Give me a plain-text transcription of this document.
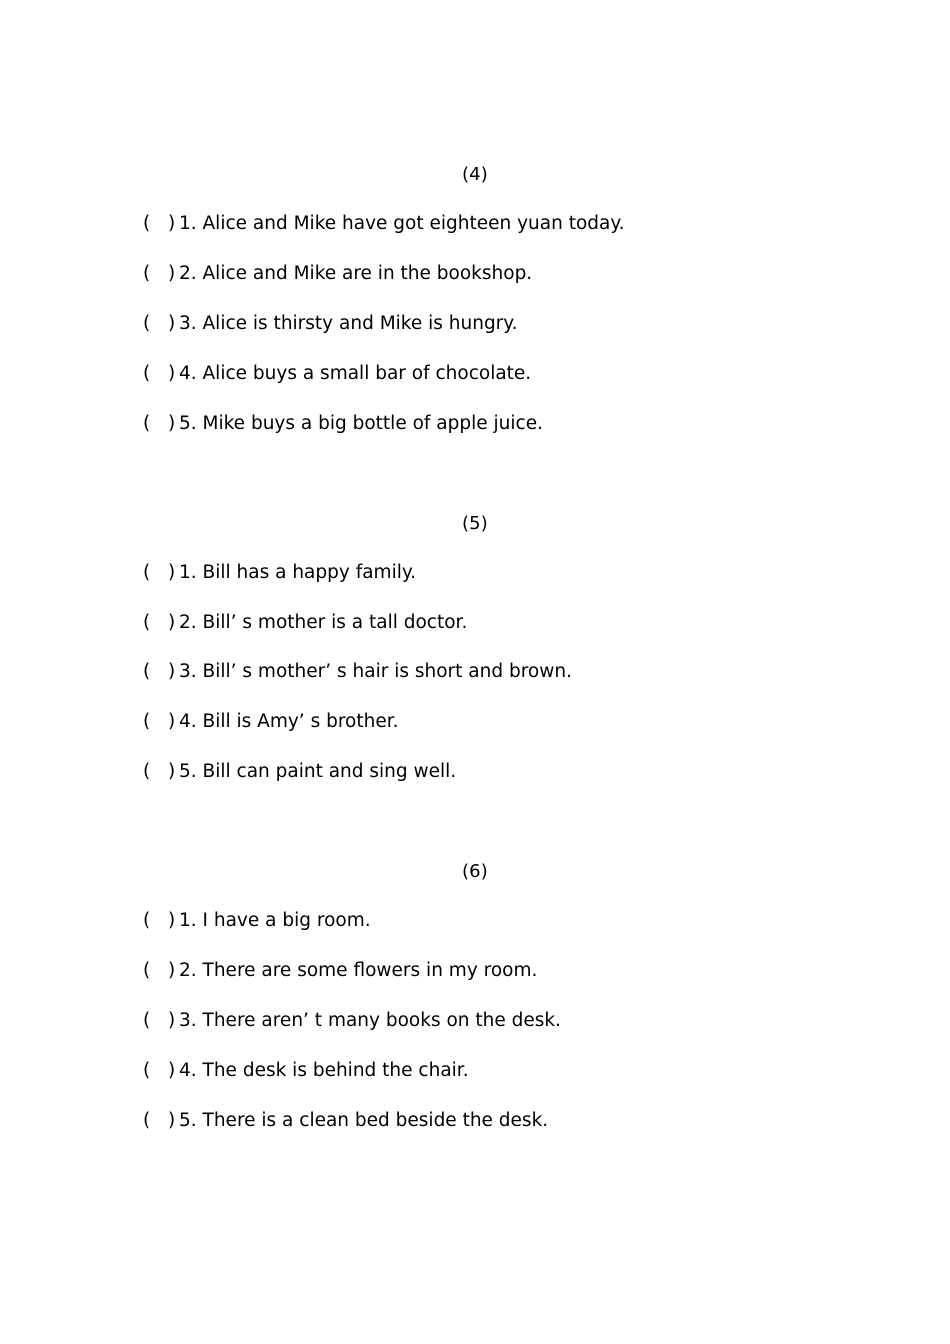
(4)
( ) 1. Alice and Mike have got eighteen yuan today.
( ) 2. Alice and Mike are in the bookshop.
( ) 3. Alice is thirsty and Mike is hungry.
( ) 4. Alice buys a small bar of chocolate.
( ) 5. Mike buys a big bottle of apple juice.
(5)
( ) 1. Bill has a happy family.
( ) 2. Bill’ s mother is a tall doctor.
( ) 3. Bill’ s mother’ s hair is short and brown.
( ) 4. Bill is Amy’ s brother.
( ) 5. Bill can paint and sing well.
(6)
( ) 1. I have a big room.
( ) 2. There are some flowers in my room.
( ) 3. There aren’ t many books on the desk.
( ) 4. The desk is behind the chair.
( ) 5. There is a clean bed beside the desk.
